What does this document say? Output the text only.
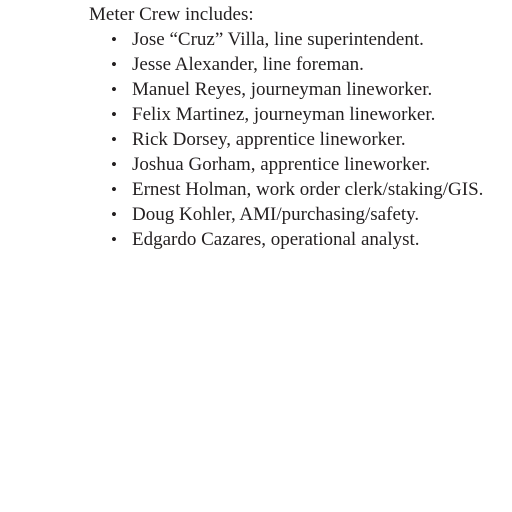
Meter Crew includes:
• Jose “Cruz” Villa, line superintendent.
• Jesse Alexander, line foreman.
• Manuel Reyes, journeyman lineworker.
• Felix Martinez, journeyman lineworker.
• Rick Dorsey, apprentice lineworker.
• Joshua Gorham, apprentice lineworker.
• Ernest Holman, work order clerk/staking/GIS.
• Doug Kohler, AMI/purchasing/safety.
• Edgardo Cazares, operational analyst.
